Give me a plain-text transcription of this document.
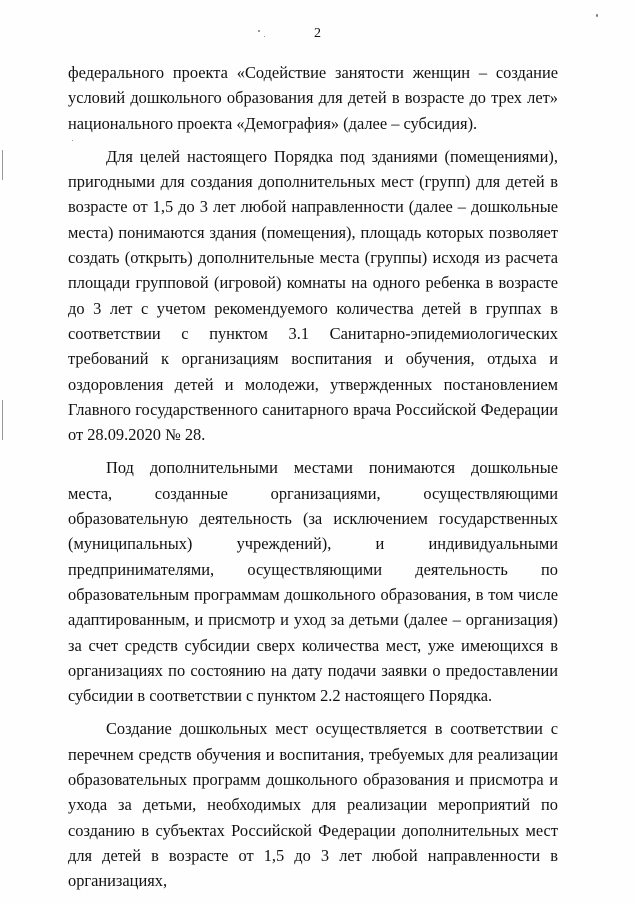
2

федерального проекта «Содействие занятости женщин – создание условий дошкольного образования для детей в возрасте до трех лет» национального проекта «Демография» (далее – субсидия).

Для целей настоящего Порядка под зданиями (помещениями), пригодными для создания дополнительных мест (групп) для детей в возрасте от 1,5 до 3 лет любой направленности (далее – дошкольные места) понимаются здания (помещения), площадь которых позволяет создать (открыть) дополнительные места (группы) исходя из расчета площади групповой (игровой) комнаты на одного ребенка в возрасте до 3 лет с учетом рекомендуемого количества детей в группах в соответствии с пунктом 3.1 Санитарно-эпидемиологических требований к организациям воспитания и обучения, отдыха и оздоровления детей и молодежи, утвержденных постановлением Главного государственного санитарного врача Российской Федерации от 28.09.2020 № 28.

Под дополнительными местами понимаются дошкольные места, созданные организациями, осуществляющими образовательную деятельность (за исключением государственных (муниципальных) учреждений), и индивидуальными предпринимателями, осуществляющими деятельность по образовательным программам дошкольного образования, в том числе адаптированным, и присмотр и уход за детьми (далее – организация) за счет средств субсидии сверх количества мест, уже имеющихся в организациях по состоянию на дату подачи заявки о предоставлении субсидии в соответствии с пунктом 2.2 настоящего Порядка.

Создание дошкольных мест осуществляется в соответствии с перечнем средств обучения и воспитания, требуемых для реализации образовательных программ дошкольного образования и присмотра и ухода за детьми, необходимых для реализации мероприятий по созданию в субъектах Российской Федерации дополнительных мест для детей в возрасте от 1,5 до 3 лет любой направленности в организациях,
